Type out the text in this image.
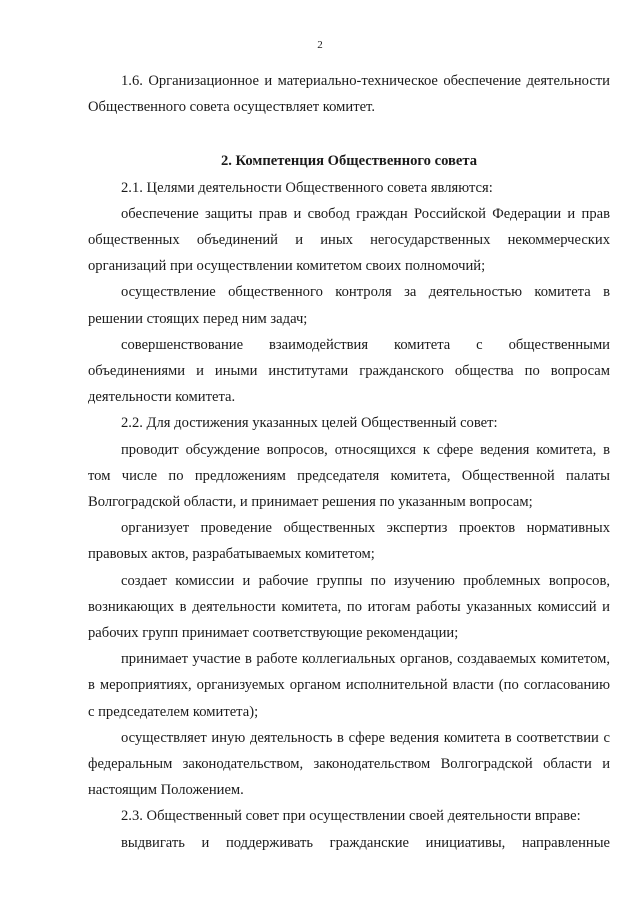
2

1.6. Организационное и материально-техническое обеспечение деятельности Общественного совета осуществляет комитет.

2. Компетенция Общественного совета

2.1. Целями деятельности Общественного совета являются:

обеспечение защиты прав и свобод граждан Российской Федерации и прав общественных объединений и иных негосударственных некоммерческих организаций при осуществлении комитетом своих полномочий;

осуществление общественного контроля за деятельностью комитета в решении стоящих перед ним задач;

совершенствование взаимодействия комитета с общественными объединениями и иными институтами гражданского общества по вопросам деятельности комитета.

2.2. Для достижения указанных целей Общественный совет:

проводит обсуждение вопросов, относящихся к сфере ведения комитета, в том числе по предложениям председателя комитета, Общественной палаты Волгоградской области, и принимает решения по указанным вопросам;

организует проведение общественных экспертиз проектов нормативных правовых актов, разрабатываемых комитетом;

создает комиссии и рабочие группы по изучению проблемных вопросов, возникающих в деятельности комитета, по итогам работы указанных комиссий и рабочих групп принимает соответствующие рекомендации;

принимает участие в работе коллегиальных органов, создаваемых комитетом, в мероприятиях, организуемых органом исполнительной власти (по согласованию с председателем комитета);

осуществляет иную деятельность в сфере ведения комитета в соответствии с федеральным законодательством, законодательством Волгоградской области и настоящим Положением.

2.3. Общественный совет при осуществлении своей деятельности вправе:

выдвигать и поддерживать гражданские инициативы, направленные
